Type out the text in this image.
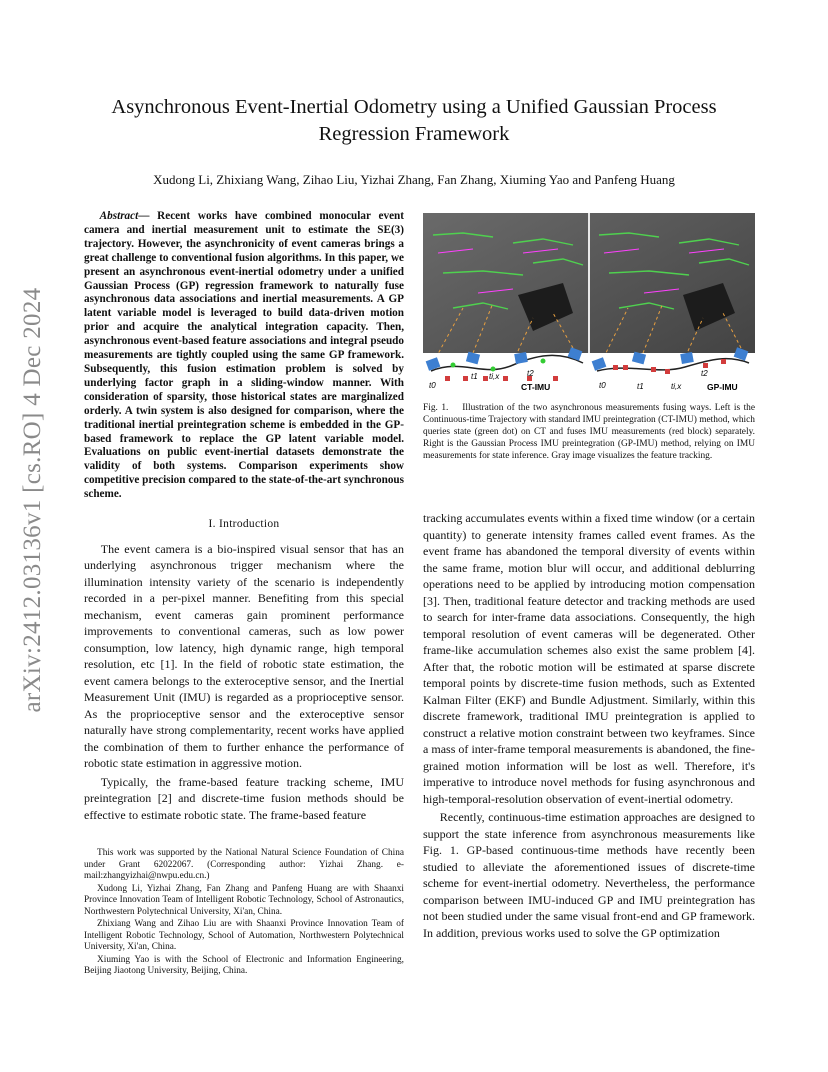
arXiv:2412.03136v1 [cs.RO] 4 Dec 2024
Asynchronous Event-Inertial Odometry using a Unified Gaussian Process Regression Framework
Xudong Li, Zhixiang Wang, Zihao Liu, Yizhai Zhang, Fan Zhang, Xiuming Yao and Panfeng Huang

Abstract— Recent works have combined monocular event camera and inertial measurement unit to estimate the SE(3) trajectory. However, the asynchronicity of event cameras brings a great challenge to conventional fusion algorithms. In this paper, we present an asynchronous event-inertial odometry under a unified Gaussian Process (GP) regression framework to naturally fuse asynchronous data associations and inertial measurements. A GP latent variable model is leveraged to build data-driven motion prior and acquire the analytical integration capacity. Then, asynchronous event-based feature associations and integral pseudo measurements are tightly coupled using the same GP framework. Subsequently, this fusion estimation problem is solved by underlying factor graph in a sliding-window manner. With consideration of sparsity, those historical states are marginalized orderly. A twin system is also designed for comparison, where the traditional inertial preintegration scheme is embedded in the GP-based framework to replace the GP latent variable model. Evaluations on public event-inertial datasets demonstrate the validity of both systems. Comparison experiments show competitive precision compared to the state-of-the-art synchronous scheme.

I. Introduction

The event camera is a bio-inspired visual sensor that has an underlying asynchronous trigger mechanism where the illumination intensity variety of the scenario is independently recorded in a per-pixel manner. Benefiting from this special mechanism, event cameras gain prominent performance improvements to conventional cameras, such as low power consumption, low latency, high dynamic range, high temporal resolution, etc [1]. In the field of robotic state estimation, the event camera belongs to the exteroceptive sensor, and the Inertial Measurement Unit (IMU) is regarded as a proprioceptive sensor. As the proprioceptive sensor and the exteroceptive sensor naturally have strong complementarity, recent works have applied the combination of them to further enhance the performance of robotic state estimation in aggressive motion.

Typically, the frame-based feature tracking scheme, IMU preintegration [2] and discrete-time fusion methods should be effective to estimate robotic state. The frame-based feature

This work was supported by the National Natural Science Foundation of China under Grant 62022067. (Corresponding author: Yizhai Zhang. e-mail:zhangyizhai@nwpu.edu.cn.)

Xudong Li, Yizhai Zhang, Fan Zhang and Panfeng Huang are with Shaanxi Province Innovation Team of Intelligent Robotic Technology, School of Astronautics, Northwestern Polytechnical University, Xi'an, China.

Zhixiang Wang and Zihao Liu are with Shaanxi Province Innovation Team of Intelligent Robotic Technology, School of Automation, Northwestern Polytechnical University, Xi'an, China.

Xiuming Yao is with the School of Electronic and Information Engineering, Beijing Jiaotong University, Beijing, China.

t0
t1 ti,x	t2
CT-IMU	t0	t1	ti,x
t2
GP-IMU
Fig. 1. Illustration of the two asynchronous measurements fusing ways. Left is the Continuous-time Trajectory with standard IMU preintegration (CT-IMU) method, which queries state (green dot) on CT and fuses IMU measurements (red block) separately. Right is the Gaussian Process IMU preintegration (GP-IMU) method, relying on IMU measurements for state inference. Gray image visualizes the feature tracking.

tracking accumulates events within a fixed time window (or a certain quantity) to generate intensity frames called event frames. As the event frame has abandoned the temporal diversity of events within the same frame, motion blur will occur, and additional deblurring operations need to be applied by introducing motion compensation [3]. Then, traditional feature detector and tracking methods are used to search for inter-frame data associations. Consequently, the high temporal resolution of event cameras will be degenerated. Other frame-like accumulation schemes also exist the same problem [4]. After that, the robotic motion will be estimated at sparse discrete temporal points by discrete-time fusion methods, such as Extented Kalman Filter (EKF) and Bundle Adjustment. Similarly, within this discrete framework, traditional IMU preintegration is applied to construct a relative motion constraint between two keyframes. Since a mass of inter-frame temporal measurements is abandoned, the fine-grained motion information will be lost as well. Therefore, it's imperative to introduce novel methods for fusing asynchronous and high-temporal-resolution observation of event-inertial odometry.

Recently, continuous-time estimation approaches are designed to support the state inference from asynchronous measurements like Fig. 1. GP-based continuous-time methods have recently been studied to alleviate the aforementioned issues of discrete-time scheme for event-inertial odometry. Nevertheless, the performance comparison between IMU-induced GP and IMU preintegration has not been studied under the same visual front-end and GP framework. In addition, previous works used to solve the GP optimization
